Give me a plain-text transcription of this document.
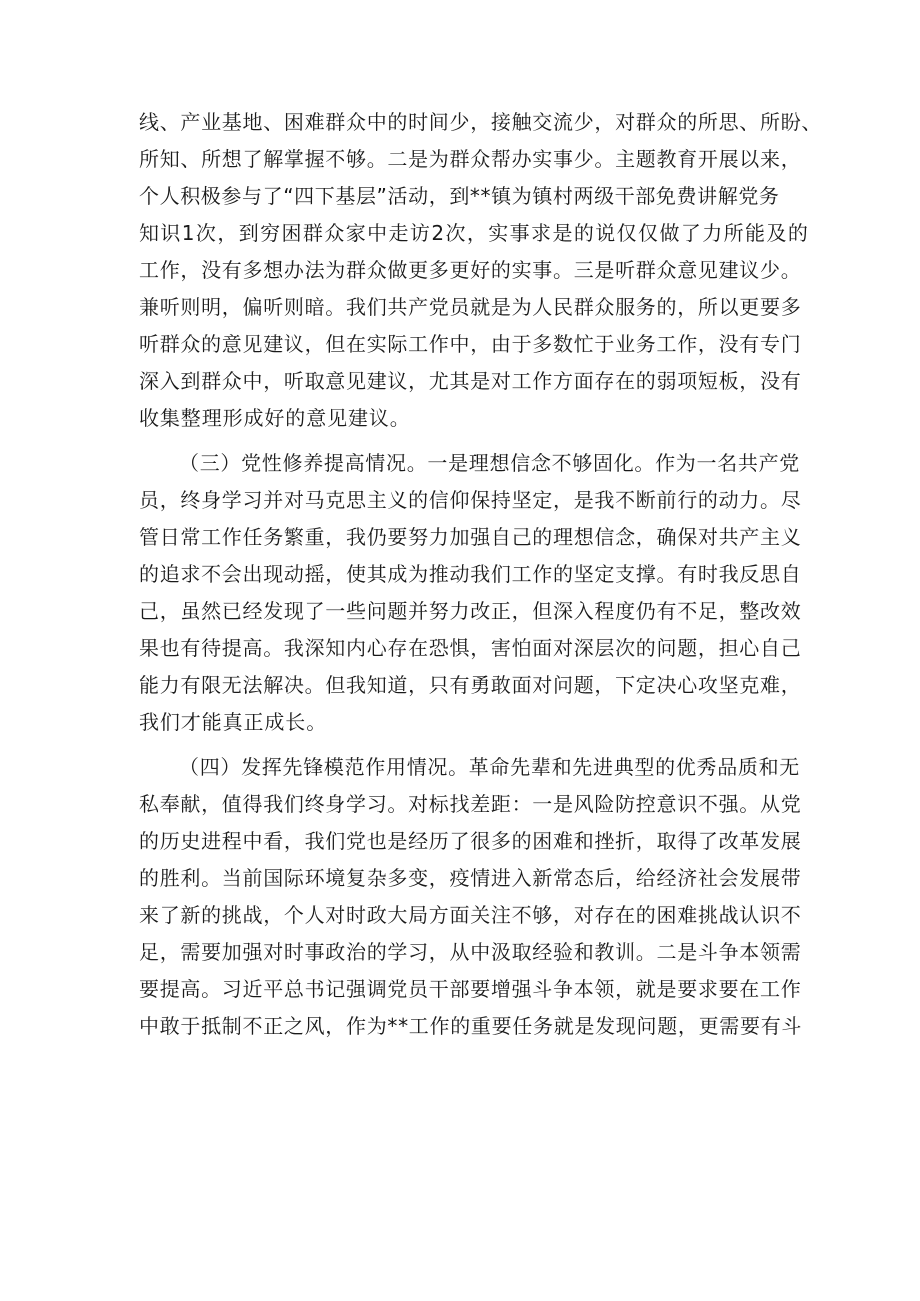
线、产业基地、困难群众中的时间少，接触交流少，对群众的所思、所盼、
所知、所想了解掌握不够。二是为群众帮办实事少。主题教育开展以来，
个人积极参与了“四下基层”活动，到**镇为镇村两级干部免费讲解党务
知识1次，到穷困群众家中走访2次，实事求是的说仅仅做了力所能及的
工作，没有多想办法为群众做更多更好的实事。三是听群众意见建议少。
兼听则明，偏听则暗。我们共产党员就是为人民群众服务的，所以更要多
听群众的意见建议，但在实际工作中，由于多数忙于业务工作，没有专门
深入到群众中，听取意见建议，尤其是对工作方面存在的弱项短板，没有
收集整理形成好的意见建议。
（三）党性修养提高情况。一是理想信念不够固化。作为一名共产党
员，终身学习并对马克思主义的信仰保持坚定，是我不断前行的动力。尽
管日常工作任务繁重，我仍要努力加强自己的理想信念，确保对共产主义
的追求不会出现动摇，使其成为推动我们工作的坚定支撑。有时我反思自
己，虽然已经发现了一些问题并努力改正，但深入程度仍有不足，整改效
果也有待提高。我深知内心存在恐惧，害怕面对深层次的问题，担心自己
能力有限无法解决。但我知道，只有勇敢面对问题，下定决心攻坚克难，
我们才能真正成长。
（四）发挥先锋模范作用情况。革命先辈和先进典型的优秀品质和无
私奉献，值得我们终身学习。对标找差距：一是风险防控意识不强。从党
的历史进程中看，我们党也是经历了很多的困难和挫折，取得了改革发展
的胜利。当前国际环境复杂多变，疫情进入新常态后，给经济社会发展带
来了新的挑战，个人对时政大局方面关注不够，对存在的困难挑战认识不
足，需要加强对时事政治的学习，从中汲取经验和教训。二是斗争本领需
要提高。习近平总书记强调党员干部要增强斗争本领，就是要求要在工作
中敢于抵制不正之风，作为**工作的重要任务就是发现问题，更需要有斗
